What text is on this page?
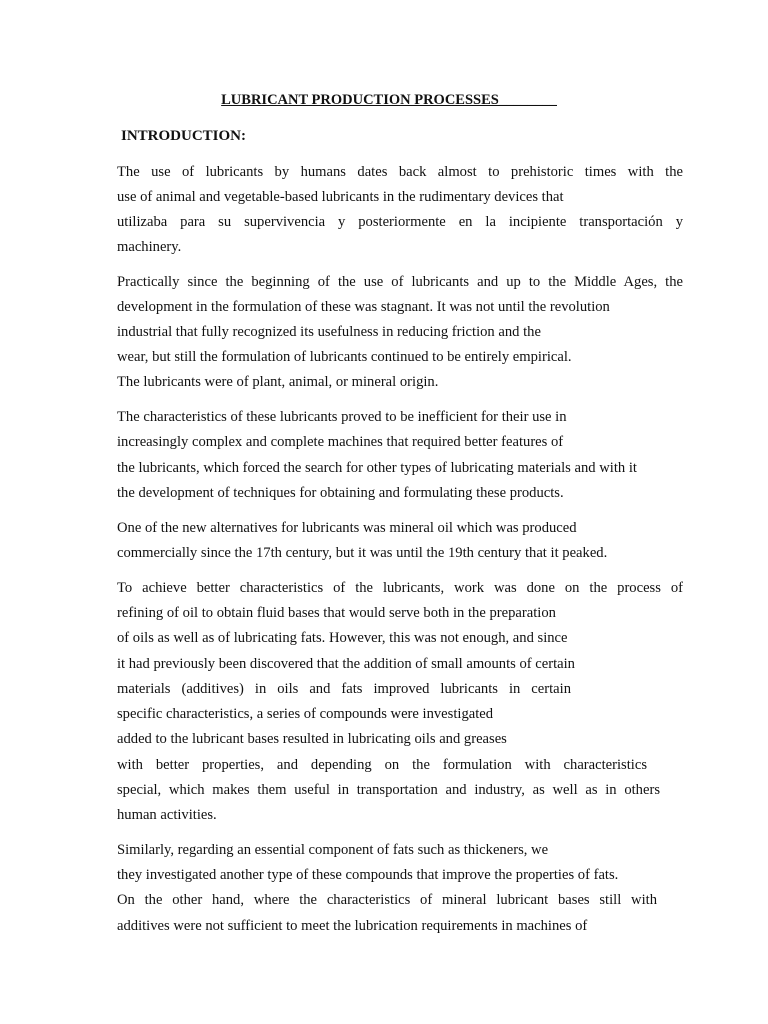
LUBRICANT PRODUCTION PROCESSES________
INTRODUCTION:
The use of lubricants by humans dates back almost to prehistoric times with the
use of animal and vegetable-based lubricants in the rudimentary devices that
utilizaba para su supervivencia y posteriormente en la incipiente transportación y
machinery.
Practically since the beginning of the use of lubricants and up to the Middle Ages, the
development in the formulation of these was stagnant. It was not until the revolution
industrial that fully recognized its usefulness in reducing friction and the
wear, but still the formulation of lubricants continued to be entirely empirical.
The lubricants were of plant, animal, or mineral origin.
The characteristics of these lubricants proved to be inefficient for their use in
increasingly complex and complete machines that required better features of
the lubricants, which forced the search for other types of lubricating materials and with it
the development of techniques for obtaining and formulating these products.
One of the new alternatives for lubricants was mineral oil which was produced
commercially since the 17th century, but it was until the 19th century that it peaked.
To achieve better characteristics of the lubricants, work was done on the process of
refining of oil to obtain fluid bases that would serve both in the preparation
of oils as well as of lubricating fats. However, this was not enough, and since
it had previously been discovered that the addition of small amounts of certain
materials (additives) in oils and fats improved lubricants in certain
specific characteristics, a series of compounds were investigated
added to the lubricant bases resulted in lubricating oils and greases
with better properties, and depending on the formulation with characteristics
special, which makes them useful in transportation and industry, as well as in others
human activities.
Similarly, regarding an essential component of fats such as thickeners, we
they investigated another type of these compounds that improve the properties of fats.
On the other hand, where the characteristics of mineral lubricant bases still with
additives were not sufficient to meet the lubrication requirements in machines of
